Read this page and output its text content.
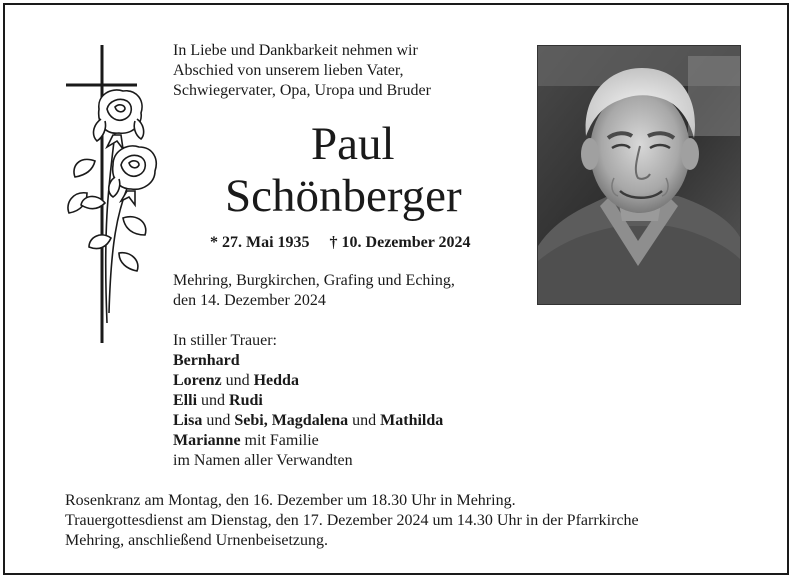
In Liebe und Dankbarkeit nehmen wir
Abschied von unserem lieben Vater,
Schwiegervater, Opa, Uropa und Bruder
Paul
Schönberger
* 27. Mai 1935 † 10. Dezember 2024
Mehring, Burgkirchen, Grafing und Eching,
den 14. Dezember 2024
In stiller Trauer:
Bernhard
Lorenz und Hedda
Elli und Rudi
Lisa und Sebi, Magdalena und Mathilda
Marianne mit Familie
im Namen aller Verwandten
Rosenkranz am Montag, den 16. Dezember um 18.30 Uhr in Mehring.
Trauergottesdienst am Dienstag, den 17. Dezember 2024 um 14.30 Uhr in der Pfarrkirche
Mehring, anschließend Urnenbeisetzung.
